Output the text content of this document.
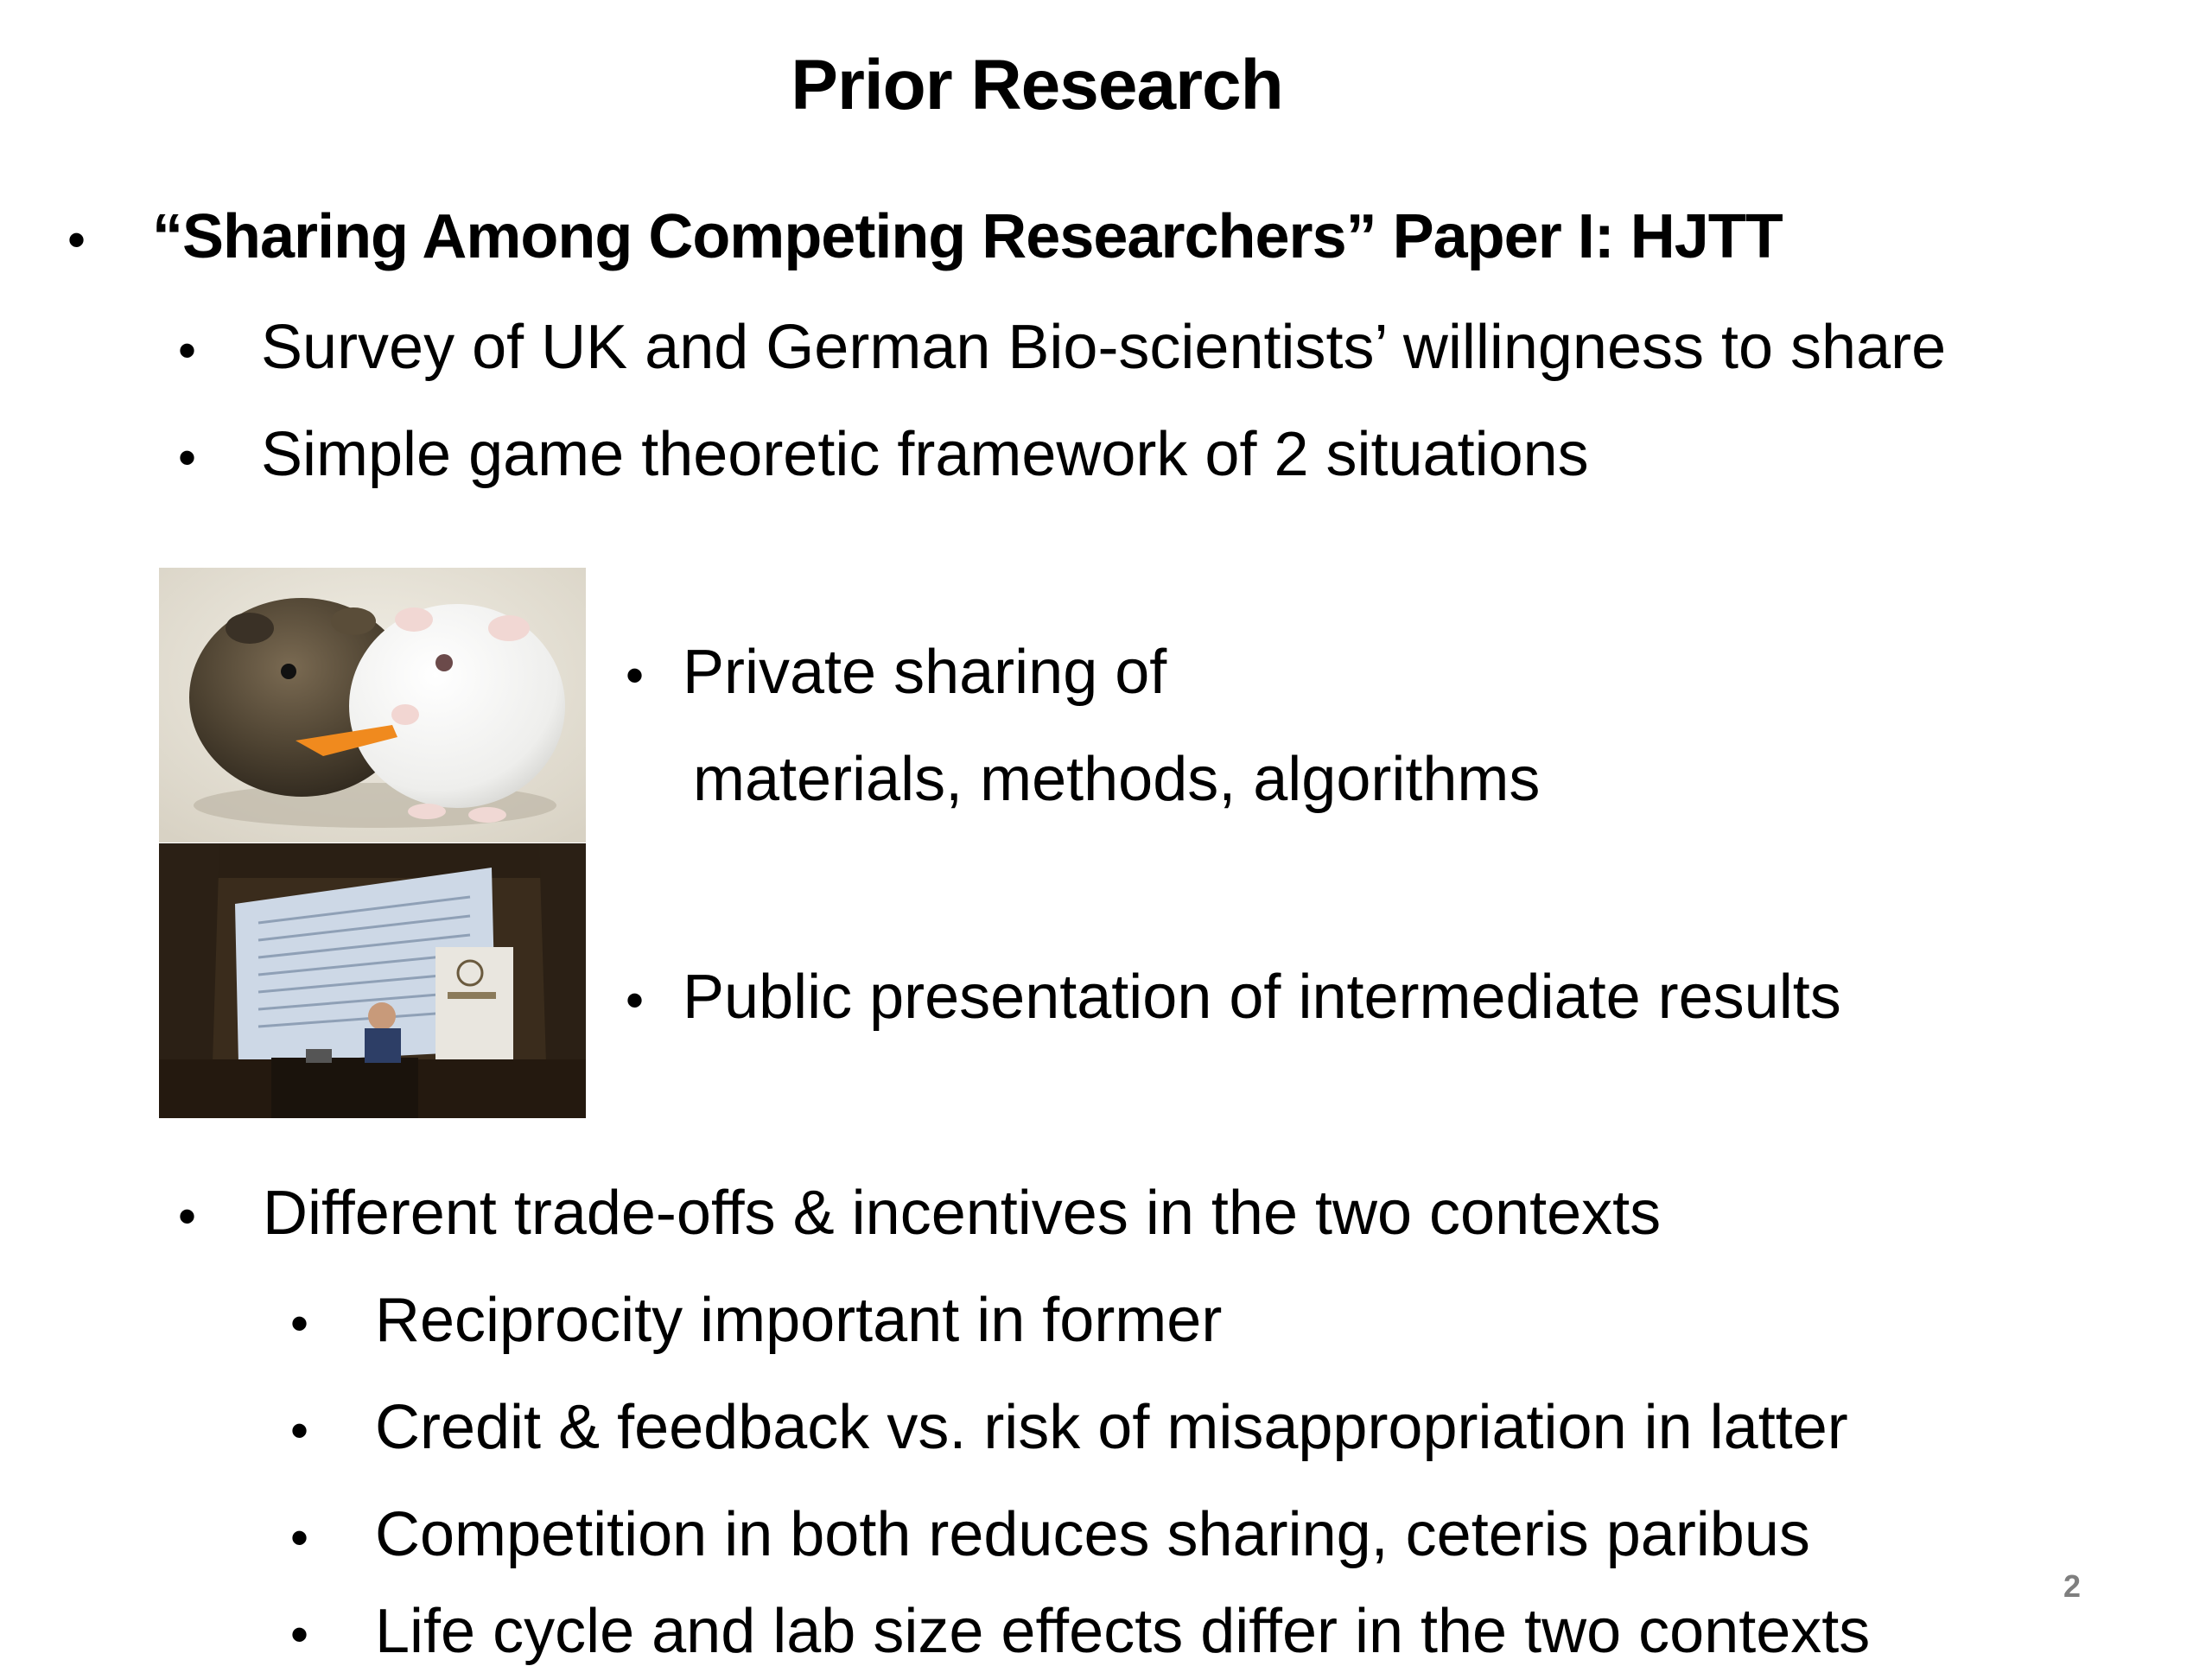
Prior Research
• “Sharing Among Competing Researchers” Paper I: HJTT
• Survey of UK and German Bio-scientists’ willingness to share
• Simple game theoretic framework of 2 situations
• Private sharing of
materials, methods, algorithms
• Public presentation of intermediate results
• Different trade-offs & incentives in the two contexts
• Reciprocity important in former
• Credit & feedback vs. risk of misappropriation in latter
• Competition in both reduces sharing, ceteris paribus
• Life cycle and lab size effects differ in the two contexts
2
